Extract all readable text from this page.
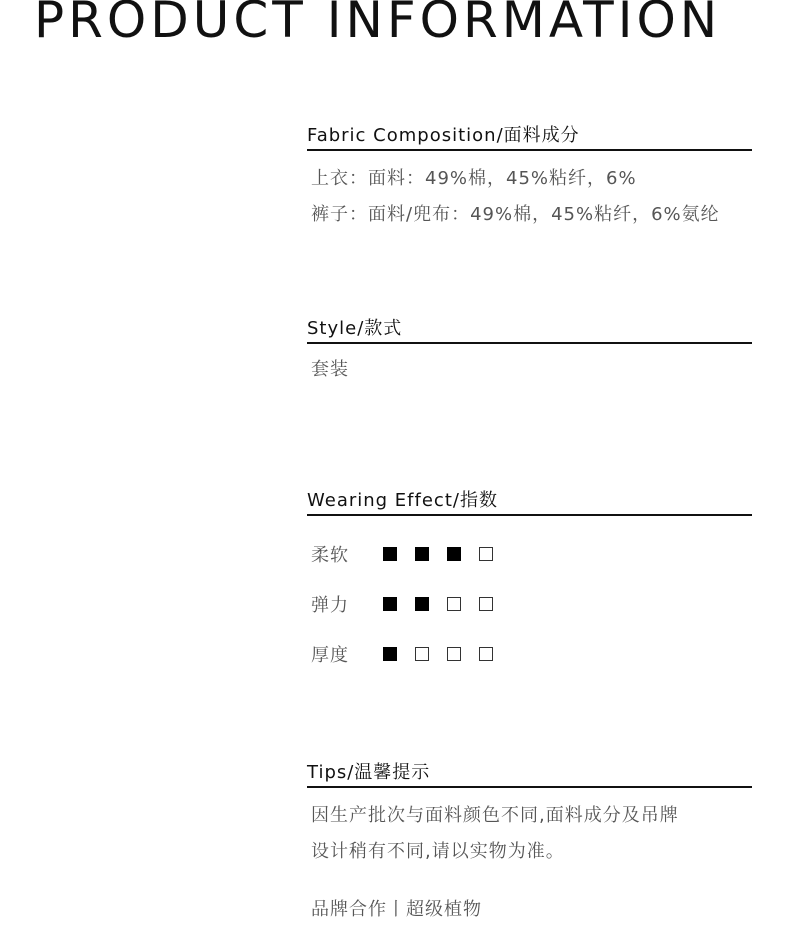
PRODUCT INFORMATION
Fabric Composition/面料成分
上衣：面料：49%棉，45%粘纤，6%
裤子：面料/兜布：49%棉，45%粘纤，6%氨纶
Style/款式
套装
Wearing Effect/指数
柔软
弹力
厚度
Tips/温馨提示
因生产批次与面料颜色不同,面料成分及吊牌
设计稍有不同,请以实物为准。
品牌合作丨超级植物
